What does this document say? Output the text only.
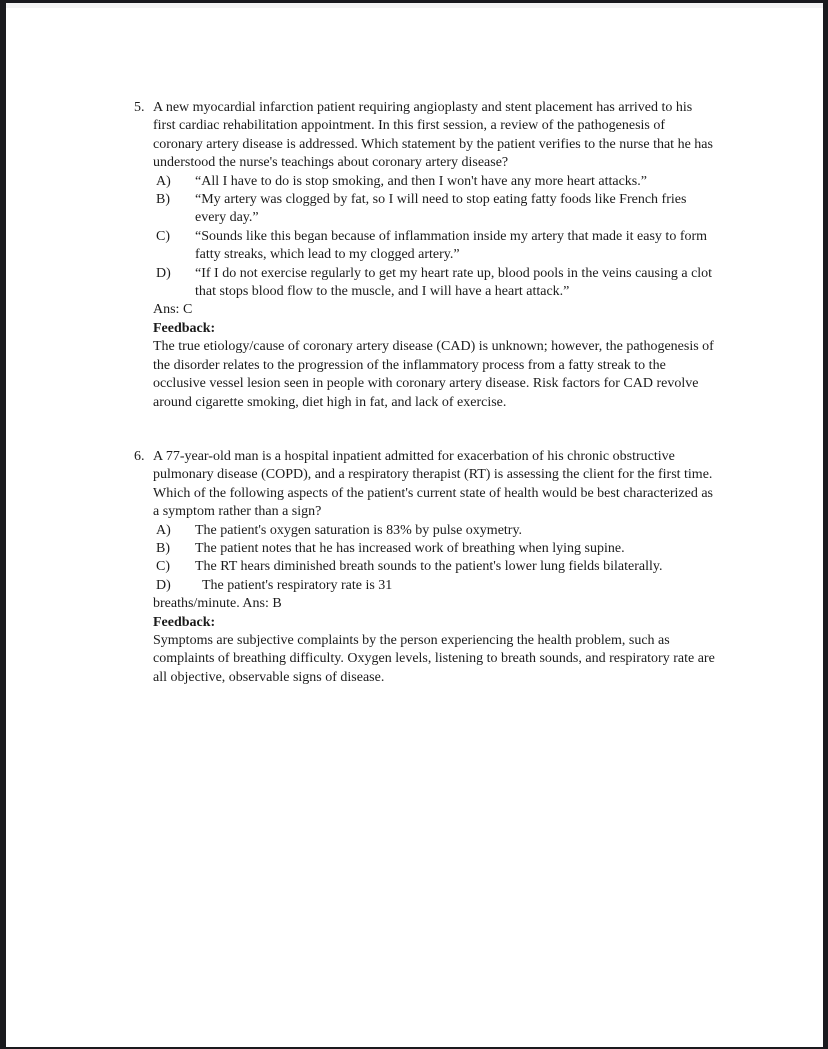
5. A new myocardial infarction patient requiring angioplasty and stent placement has arrived to his first cardiac rehabilitation appointment. In this first session, a review of the pathogenesis of coronary artery disease is addressed. Which statement by the patient verifies to the nurse that he has understood the nurse's teachings about coronary artery disease?
A)	“All I have to do is stop smoking, and then I won't have any more heart attacks.”
B)	“My artery was clogged by fat, so I will need to stop eating fatty foods like French fries every day.”
C)	“Sounds like this began because of inflammation inside my artery that made it easy to form fatty streaks, which lead to my clogged artery.”
D)	“If I do not exercise regularly to get my heart rate up, blood pools in the veins causing a clot that stops blood flow to the muscle, and I will have a heart attack.”
Ans: C
Feedback:
The true etiology/cause of coronary artery disease (CAD) is unknown; however, the pathogenesis of the disorder relates to the progression of the inflammatory process from a fatty streak to the occlusive vessel lesion seen in people with coronary artery disease. Risk factors for CAD revolve around cigarette smoking, diet high in fat, and lack of exercise.
6. A 77-year-old man is a hospital inpatient admitted for exacerbation of his chronic obstructive pulmonary disease (COPD), and a respiratory therapist (RT) is assessing the client for the first time. Which of the following aspects of the patient's current state of health would be best characterized as a symptom rather than a sign?
A)	The patient's oxygen saturation is 83% by pulse oxymetry.
B)	The patient notes that he has increased work of breathing when lying supine.
C)	The RT hears diminished breath sounds to the patient's lower lung fields bilaterally.
D)	The patient's respiratory rate is 31
breaths/minute. Ans: B
Feedback:
Symptoms are subjective complaints by the person experiencing the health problem, such as complaints of breathing difficulty. Oxygen levels, listening to breath sounds, and respiratory rate are all objective, observable signs of disease.
